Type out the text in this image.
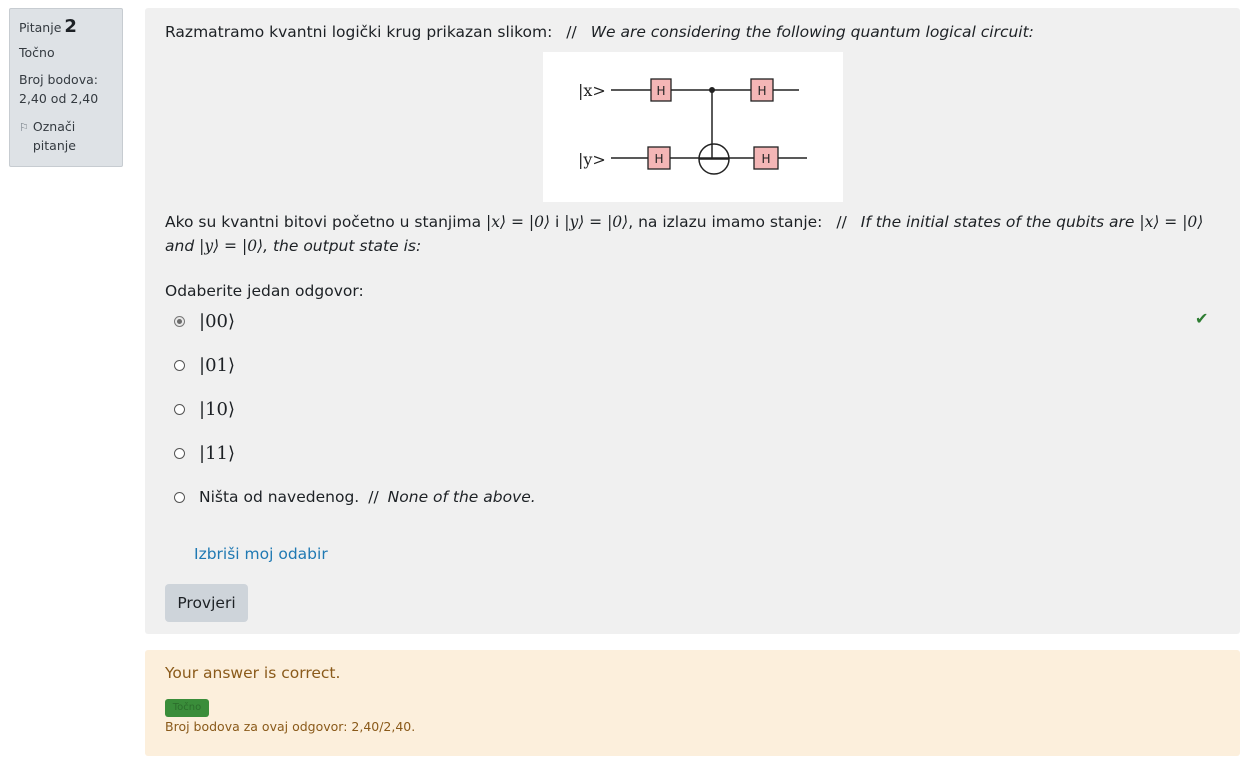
Pitanje 2
Točno
Broj bodova:
2,40 od 2,40
⚐ Označi pitanje
Razmatramo kvantni logički krug prikazan slikom: // We are considering the following quantum logical circuit:
|x>
|y>
H	H
H	H
Ako su kvantni bitovi početno u stanjima |x⟩ = |0⟩ i |y⟩ = |0⟩, na izlazu imamo stanje: // If the initial states of the qubits are |x⟩ = |0⟩ and |y⟩ = |0⟩, the output state is:
Odaberite jedan odgovor:
|00⟩	✔
|01⟩
|10⟩
|11⟩
Ništa od navedenog. // None of the above.
Izbriši moj odabir
Provjeri
Your answer is correct.
Točno
Broj bodova za ovaj odgovor: 2,40/2,40.
